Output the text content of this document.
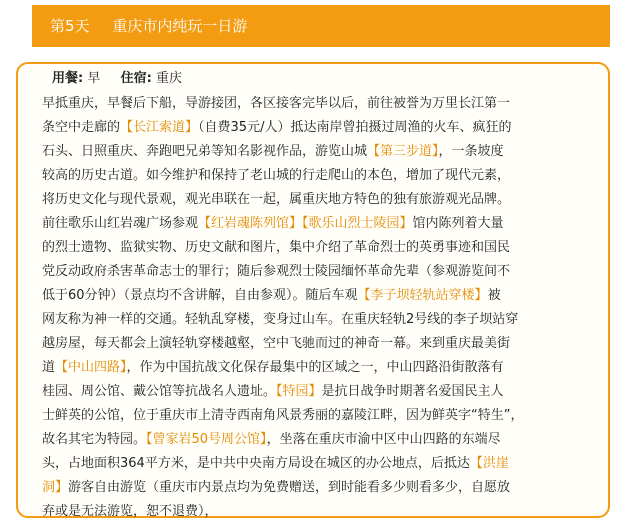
第5天 重庆市内纯玩一日游
用餐: 早 住宿: 重庆
早抵重庆，早餐后下船，导游接团，各区接客完毕以后，前往被誉为万里长江第一
条空中走廊的【长江索道】（自费35元/人）抵达南岸曾拍摄过周渔的火车、疯狂的
石头、日照重庆、奔跑吧兄弟等知名影视作品，游览山城【第三步道】，一条坡度
较高的历史古道。如今维护和保持了老山城的行走爬山的本色，增加了现代元素，
将历史文化与现代景观，观光串联在一起，属重庆地方特色的独有旅游观光品牌。
前往歌乐山红岩魂广场参观【红岩魂陈列馆】【歌乐山烈士陵园】馆内陈列着大量
的烈士遗物、监狱实物、历史文献和图片，集中介绍了革命烈士的英勇事迹和国民
党反动政府杀害革命志士的罪行；随后参观烈士陵园缅怀革命先辈（参观游览间不
低于60分钟）（景点均不含讲解，自由参观）。随后车观【李子坝轻轨站穿楼】被
网友称为神一样的交通。轻轨乱穿楼，变身过山车。在重庆轻轨2号线的李子坝站穿
越房屋，每天都会上演轻轨穿楼越壑，空中飞驰而过的神奇一幕。来到重庆最美街
道【中山四路】，作为中国抗战文化保存最集中的区域之一，中山四路沿街散落有
桂园、周公馆、戴公馆等抗战名人遗址。【特园】是抗日战争时期著名爱国民主人
士鲜英的公馆，位于重庆市上清寺西南角风景秀丽的嘉陵江畔，因为鲜英字“特生”，
故名其宅为特园。【曾家岩50号周公馆】，坐落在重庆市渝中区中山四路的东端尽
头，占地面积364平方米，是中共中央南方局设在城区的办公地点，后抵达【洪崖
洞】游客自由游览（重庆市内景点均为免费赠送，到时能看多少则看多少，自愿放
弃或是无法游览，恕不退费），
